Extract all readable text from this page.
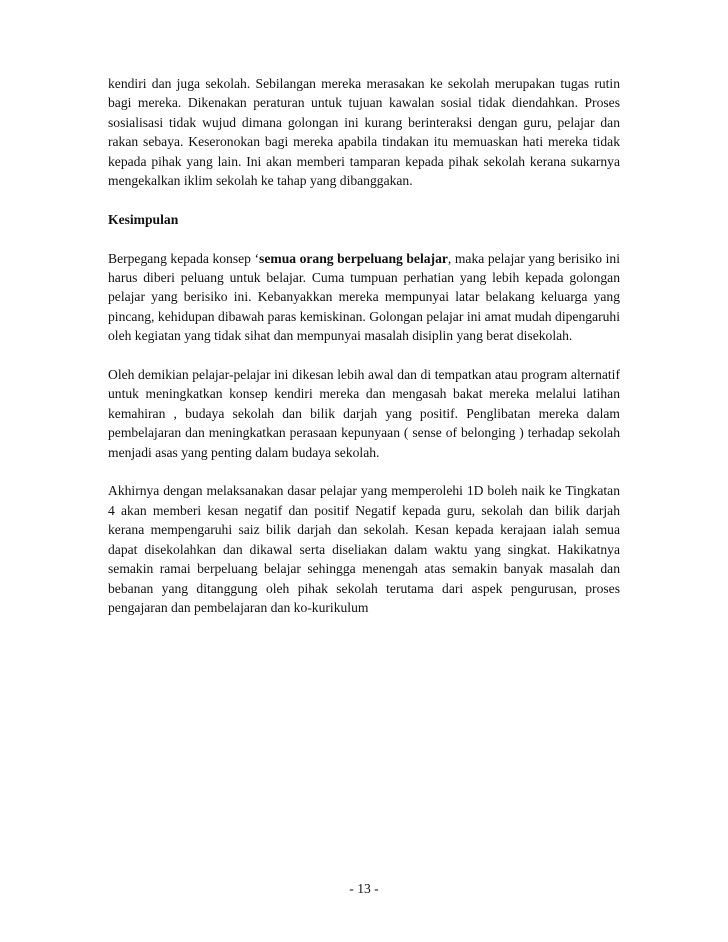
kendiri dan juga sekolah. Sebilangan mereka merasakan ke sekolah merupakan tugas rutin bagi mereka. Dikenakan peraturan untuk tujuan kawalan sosial tidak diendahkan. Proses sosialisasi tidak wujud dimana golongan ini kurang berinteraksi dengan guru, pelajar dan rakan sebaya. Keseronokan bagi mereka apabila tindakan itu memuaskan hati mereka tidak kepada pihak yang lain. Ini akan memberi tamparan kepada pihak sekolah kerana sukarnya mengekalkan iklim sekolah ke tahap yang dibanggakan.

Kesimpulan

Berpegang kepada konsep ‘semua orang berpeluang belajar, maka pelajar yang berisiko ini harus diberi peluang untuk belajar. Cuma tumpuan perhatian yang lebih kepada golongan pelajar yang berisiko ini. Kebanyakkan mereka mempunyai latar belakang keluarga yang pincang, kehidupan dibawah paras kemiskinan. Golongan pelajar ini amat mudah dipengaruhi oleh kegiatan yang tidak sihat dan mempunyai masalah disiplin yang berat disekolah.

Oleh demikian pelajar-pelajar ini dikesan lebih awal dan di tempatkan atau program alternatif untuk meningkatkan konsep kendiri mereka dan mengasah bakat mereka melalui latihan kemahiran , budaya sekolah dan bilik darjah yang positif. Penglibatan mereka dalam pembelajaran dan meningkatkan perasaan kepunyaan ( sense of belonging ) terhadap sekolah menjadi asas yang penting dalam budaya sekolah.

Akhirnya dengan melaksanakan dasar pelajar yang memperolehi 1D boleh naik ke Tingkatan 4 akan memberi kesan negatif dan positif Negatif kepada guru, sekolah dan bilik darjah kerana mempengaruhi saiz bilik darjah dan sekolah. Kesan kepada kerajaan ialah semua dapat disekolahkan dan dikawal serta diseliakan dalam waktu yang singkat. Hakikatnya semakin ramai berpeluang belajar sehingga menengah atas semakin banyak masalah dan bebanan yang ditanggung oleh pihak sekolah terutama dari aspek pengurusan, proses pengajaran dan pembelajaran dan ko-kurikulum

- 13 -
